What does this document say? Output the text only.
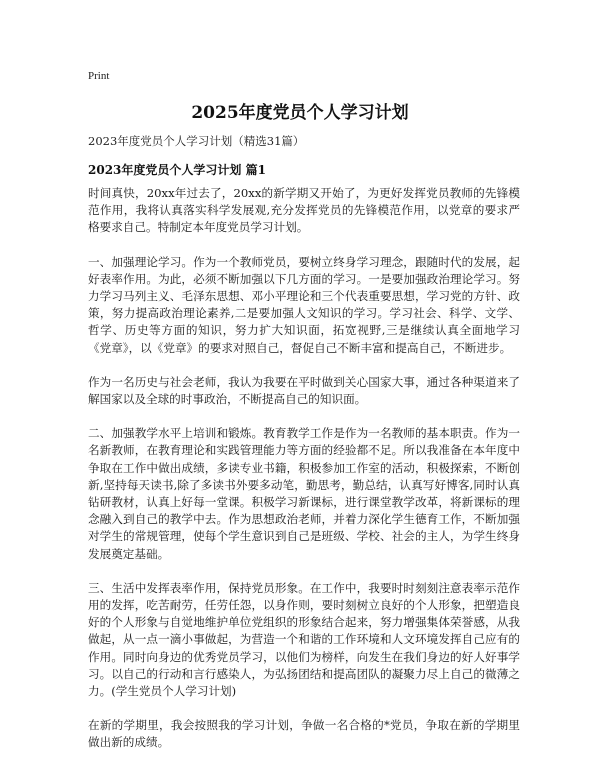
Print
2025年度党员个人学习计划
2023年度党员个人学习计划（精选31篇）
2023年度党员个人学习计划 篇1

时间真快，20xx年过去了，20xx的新学期又开始了，为更好发挥党员教师的先锋模范作用，我将认真落实科学发展观,充分发挥党员的先锋模范作用，以党章的要求严格要求自己。特制定本年度党员学习计划。

一、加强理论学习。作为一个教师党员，要树立终身学习理念，跟随时代的发展，起好表率作用。为此，必须不断加强以下几方面的学习。一是要加强政治理论学习。努力学习马列主义、毛泽东思想、邓小平理论和三个代表重要思想，学习党的方针、政策，努力提高政治理论素养,二是要加强人文知识的学习。学习社会、科学、文学、哲学、历史等方面的知识，努力扩大知识面，拓宽视野,三是继续认真全面地学习《党章》，以《党章》的要求对照自己，督促自己不断丰富和提高自己，不断进步。

作为一名历史与社会老师，我认为我要在平时做到关心国家大事，通过各种渠道来了解国家以及全球的时事政治，不断提高自己的知识面。

二、加强教学水平上培训和锻炼。教育教学工作是作为一名教师的基本职责。作为一名新教师，在教育理论和实践管理能力等方面的经验都不足。所以我准备在本年度中争取在工作中做出成绩，多读专业书籍，积极参加工作室的活动，积极探索，不断创新,坚持每天读书,除了多读书外要多动笔，勤思考，勤总结，认真写好博客,同时认真钻研教材，认真上好每一堂课。积极学习新课标，进行课堂教学改革，将新课标的理念融入到自己的教学中去。作为思想政治老师，并着力深化学生德育工作，不断加强对学生的常规管理，使每个学生意识到自己是班级、学校、社会的主人，为学生终身发展奠定基础。

三、生活中发挥表率作用，保持党员形象。在工作中，我要时时刻刻注意表率示范作用的发挥，吃苦耐劳，任劳任怨，以身作则，要时刻树立良好的个人形象，把塑造良好的个人形象与自觉地维护单位党组织的形象结合起来，努力增强集体荣誉感，从我做起，从一点一滴小事做起，为营造一个和谐的工作环境和人文环境发挥自己应有的作用。同时向身边的优秀党员学习，以他们为榜样，向发生在我们身边的好人好事学习。以自己的行动和言行感染人，为弘扬团结和提高团队的凝聚力尽上自己的微薄之力。(学生党员个人学习计划)

在新的学期里，我会按照我的学习计划，争做一名合格的*党员，争取在新的学期里做出新的成绩。
